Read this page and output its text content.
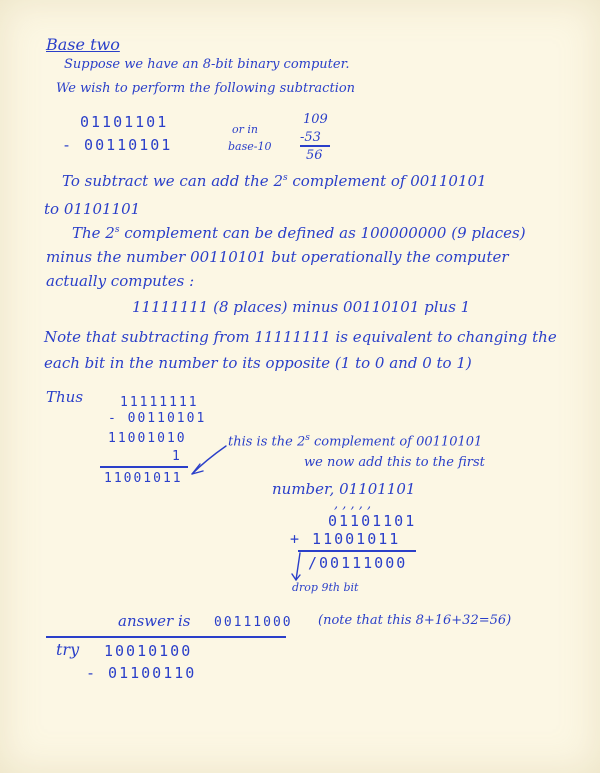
Base two
Suppose we have an 8-bit binary computer.
We wish to perform the following subtraction
01101101
- 00110101
or in
base-10
109
-53
56
To subtract we can add the 2$^s$ complement of 00110101
to 01101101
The 2$^s$ complement can be defined as 100000000 (9 places)
minus the number 00110101 but operationally the computer
actually computes :
11111111 (8 places) minus 00110101 plus 1
Note that subtracting from 11111111 is equivalent to changing the
each bit in the number to its opposite (1 to 0 and 0 to 1)
Thus	11111111
- 00110101
11001010
1
11001011
this is the 2$^s$ complement of 00110101
we now add this to the first
number, 01101101
, , , , ,
01101101
+ 11001011
/00111000
drop 9th bit
answer is 00111000 (note that this 8+16+32=56)
try 10010100
- 01100110
